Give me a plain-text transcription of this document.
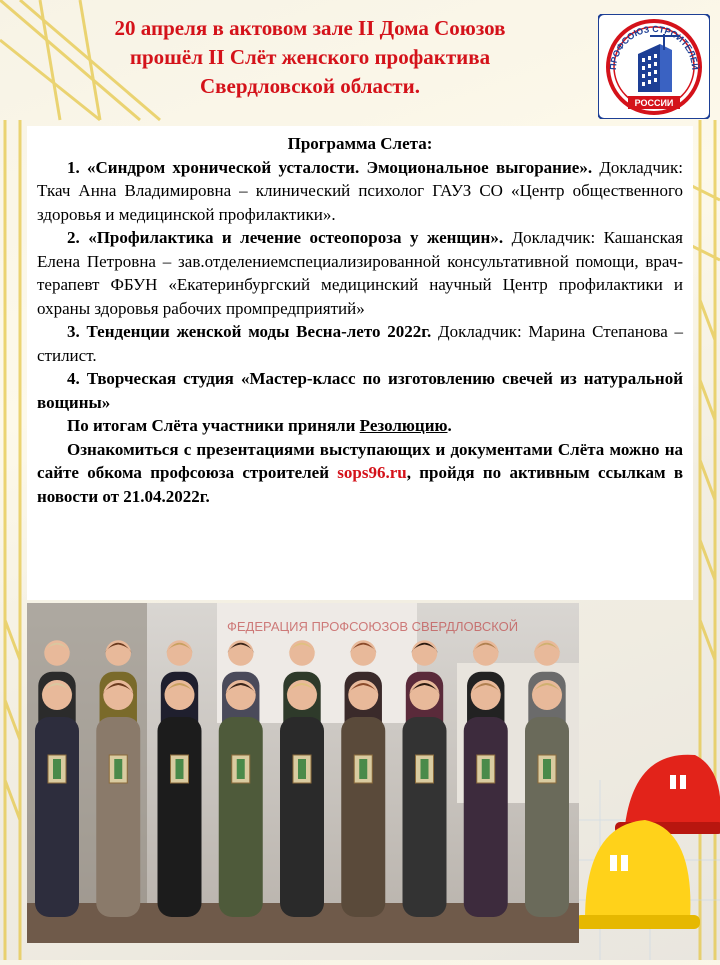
20 апреля в актовом зале II Дома Союзов
прошёл II Слёт женского профактива
Свердловской области.
ПРОФСОЮЗ СТРОИТЕЛЕЙ
РОССИИ
Программа Слета:

1. «Синдром хронической усталости. Эмоциональное выгорание». Докладчик: Ткач Анна Владимировна – клинический психолог ГАУЗ СО «Центр общественного здоровья и медицинской профилактики».

2. «Профилактика и лечение остеопороза у женщин». Докладчик: Кашанская Елена Петровна – зав.отделениемспециализированной консультативной помощи, врач-терапевт ФБУН «Екатеринбургский медицинский научный Центр профилактики и охраны здоровья рабочих промпредприятий»

3. Тенденции женской моды Весна-лето 2022г. Докладчик: Марина Степанова – стилист.

4. Творческая студия «Мастер-класс по изготовлению свечей из натуральной вощины»

По итогам Слёта участники приняли Резолюцию.

Ознакомиться с презентациями выступающих и документами Слёта можно на сайте обкома профсоюза строителей sops96.ru, пройдя по активным ссылкам в новости от 21.04.2022г.

ФЕДЕРАЦИЯ ПРОФСОЮЗОВ СВЕРДЛОВСКОЙ
